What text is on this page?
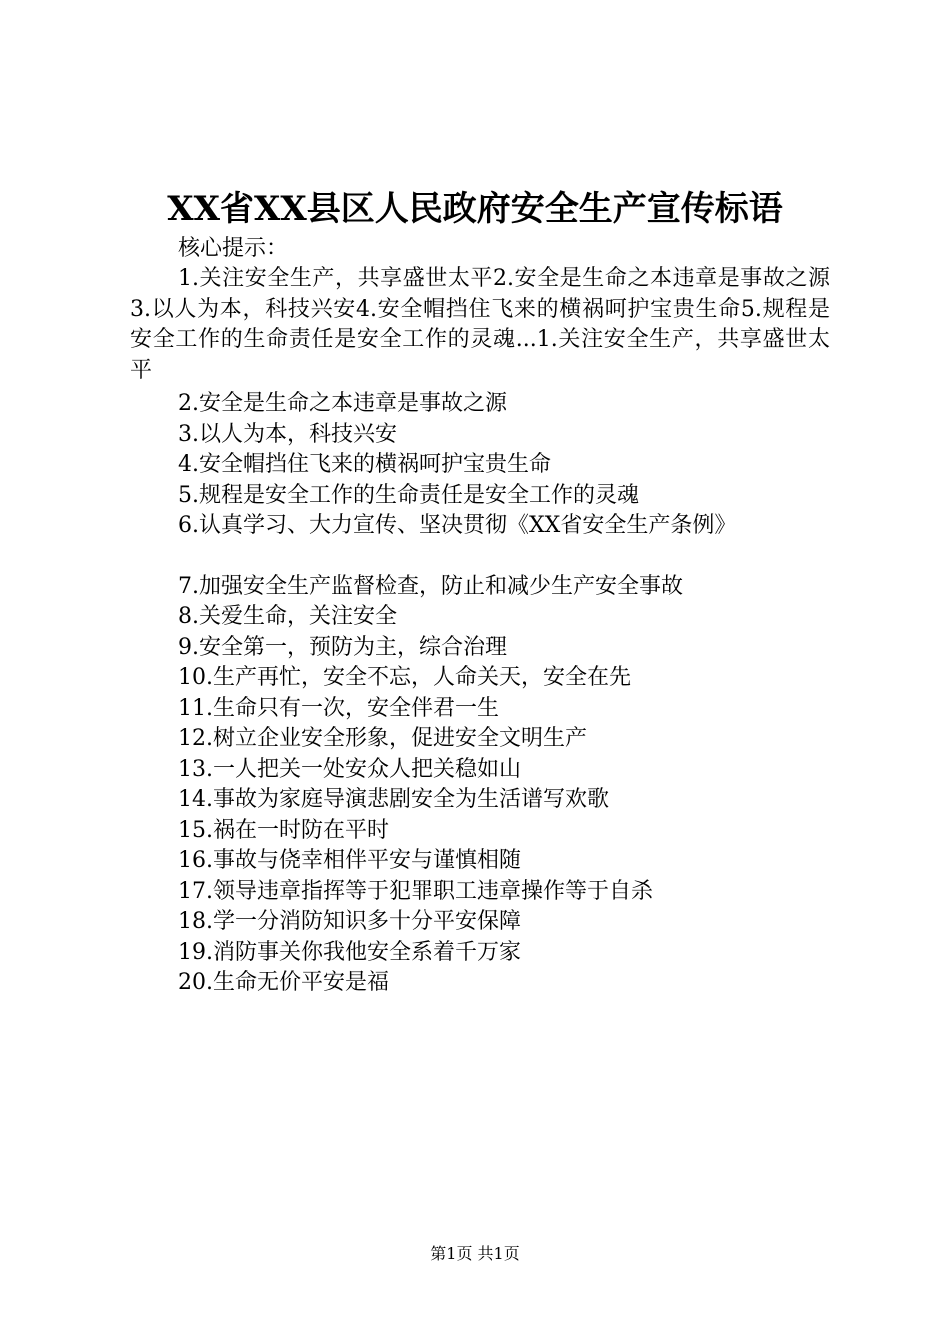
XX省XX县区人民政府安全生产宣传标语
核心提示：
1.关注安全生产，共享盛世太平2.安全是生命之本违章是事故之源3.以人为本，科技兴安4.安全帽挡住飞来的横祸呵护宝贵生命5.规程是安全工作的生命责任是安全工作的灵魂...1.关注安全生产，共享盛世太平
2.安全是生命之本违章是事故之源
3.以人为本，科技兴安
4.安全帽挡住飞来的横祸呵护宝贵生命
5.规程是安全工作的生命责任是安全工作的灵魂
6.认真学习、大力宣传、坚决贯彻《XX省安全生产条例》
7.加强安全生产监督检查，防止和减少生产安全事故
8.关爱生命，关注安全
9.安全第一，预防为主，综合治理
10.生产再忙，安全不忘，人命关天，安全在先
11.生命只有一次，安全伴君一生
12.树立企业安全形象，促进安全文明生产
13.一人把关一处安众人把关稳如山
14.事故为家庭导演悲剧安全为生活谱写欢歌
15.祸在一时防在平时
16.事故与侥幸相伴平安与谨慎相随
17.领导违章指挥等于犯罪职工违章操作等于自杀
18.学一分消防知识多十分平安保障
19.消防事关你我他安全系着千万家
20.生命无价平安是福
第1页 共1页
